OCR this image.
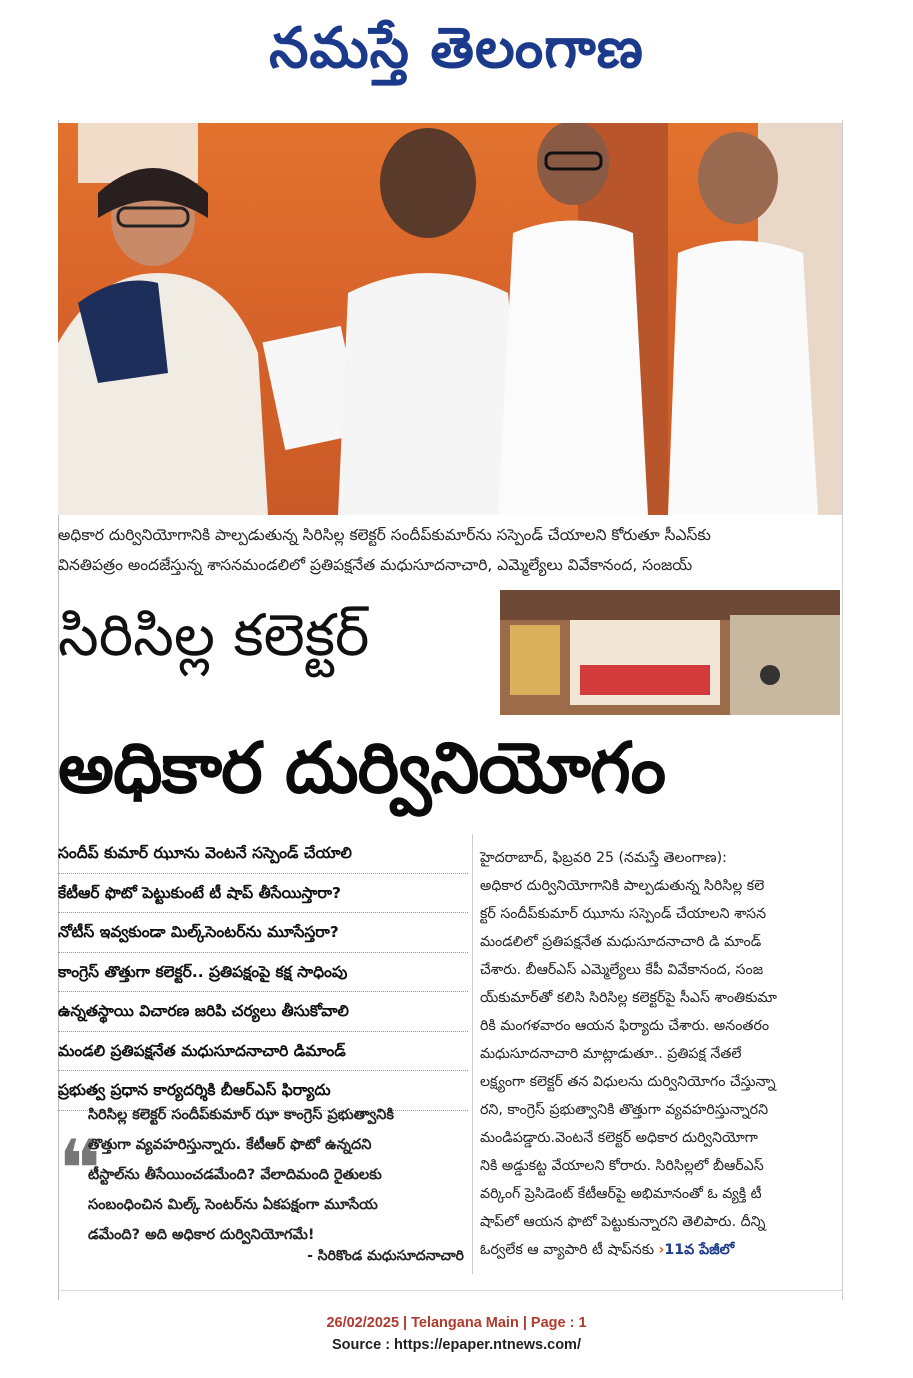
నమస్తే తెలంగాణ
అధికార దుర్వినియోగానికి పాల్పడుతున్న సిరిసిల్ల కలెక్టర్ సందీప్‌కుమార్‌ను సస్పెండ్ చేయాలని కోరుతూ సీఎస్‌కు
వినతిపత్రం అందజేస్తున్న శాసనమండలిలో ప్రతిపక్షనేత మధుసూదనాచారి, ఎమ్మెల్యేలు వివేకానంద, సంజయ్
సిరిసిల్ల కలెక్టర్
అధికార దుర్వినియోగం
సందీప్ కుమార్ ఝూను వెంటనే సస్పెండ్ చేయాలి
కేటీఆర్ ఫొటో పెట్టుకుంటే టీ షాప్ తీసేయిస్తారా?
నోటీస్ ఇవ్వకుండా మిల్క్‌సెంటర్‌ను మూసేస్తరా?
కాంగ్రెస్ తొత్తుగా కలెక్టర్.. ప్రతిపక్షంపై కక్ష సాధింపు
ఉన్నతస్థాయి విచారణ జరిపి చర్యలు తీసుకోవాలి
మండలి ప్రతిపక్షనేత మధుసూదనాచారి డిమాండ్
ప్రభుత్వ ప్రధాన కార్యదర్శికి బీఆర్ఎస్ ఫిర్యాదు
❝
సిరిసిల్ల కలెక్టర్ సందీప్‌కుమార్ ఝా కాంగ్రెస్ ప్రభుత్వానికి
తొత్తుగా వ్యవహరిస్తున్నారు. కేటీఆర్ ఫొటో ఉన్నదని
టీస్టాల్‌ను తీసేయించడమేంది? వేలాదిమంది రైతులకు
సంబంధించిన మిల్క్ సెంటర్‌ను ఏకపక్షంగా మూసేయ
డమేంది? అది అధికార దుర్వినియోగమే!
- సిరికొండ మధుసూదనాచారి
హైదరాబాద్, ఫిబ్రవరి 25 (నమస్తే తెలంగాణ):
అధికార దుర్వినియోగానికి పాల్పడుతున్న సిరిసిల్ల కలె
క్టర్ సందీప్‌కుమార్ ఝూను సస్పెండ్ చేయాలని శాసన
మండలిలో ప్రతిపక్షనేత మధుసూదనాచారి డి మాండ్
చేశారు. బీఆర్ఎస్ ఎమ్మెల్యేలు కేపీ వివేకానంద, సంజ
య్‌కుమార్‌తో కలిసి సిరిసిల్ల కలెక్టర్‌పై సీఎస్ శాంతికుమా
రికి మంగళవారం ఆయన ఫిర్యాదు చేశారు. అనంతరం
మధుసూదనాచారి మాట్లాడుతూ.. ప్రతిపక్ష నేతలే
లక్ష్యంగా కలెక్టర్ తన విధులను దుర్వినియోగం చేస్తున్నా
రని, కాంగ్రెస్ ప్రభుత్వానికి తొత్తుగా వ్యవహరిస్తున్నారని
మండిపడ్డారు.వెంటనే కలెక్టర్ అధికార దుర్వినియోగా
నికి అడ్డుకట్ట వేయాలని కోరారు. సిరిసిల్లలో బీఆర్ఎస్
వర్కింగ్ ప్రెసిడెంట్ కేటీఆర్‌పై అభిమానంతో ఓ వ్యక్తి టీ
షాప్‌లో ఆయన ఫొటో పెట్టుకున్నారని తెలిపారు. దీన్ని
ఓర్వలేక ఆ వ్యాపారి టీ షాప్‌నకు ›11వ పేజీలో
26/02/2025 | Telangana Main | Page : 1
Source : https://epaper.ntnews.com/
